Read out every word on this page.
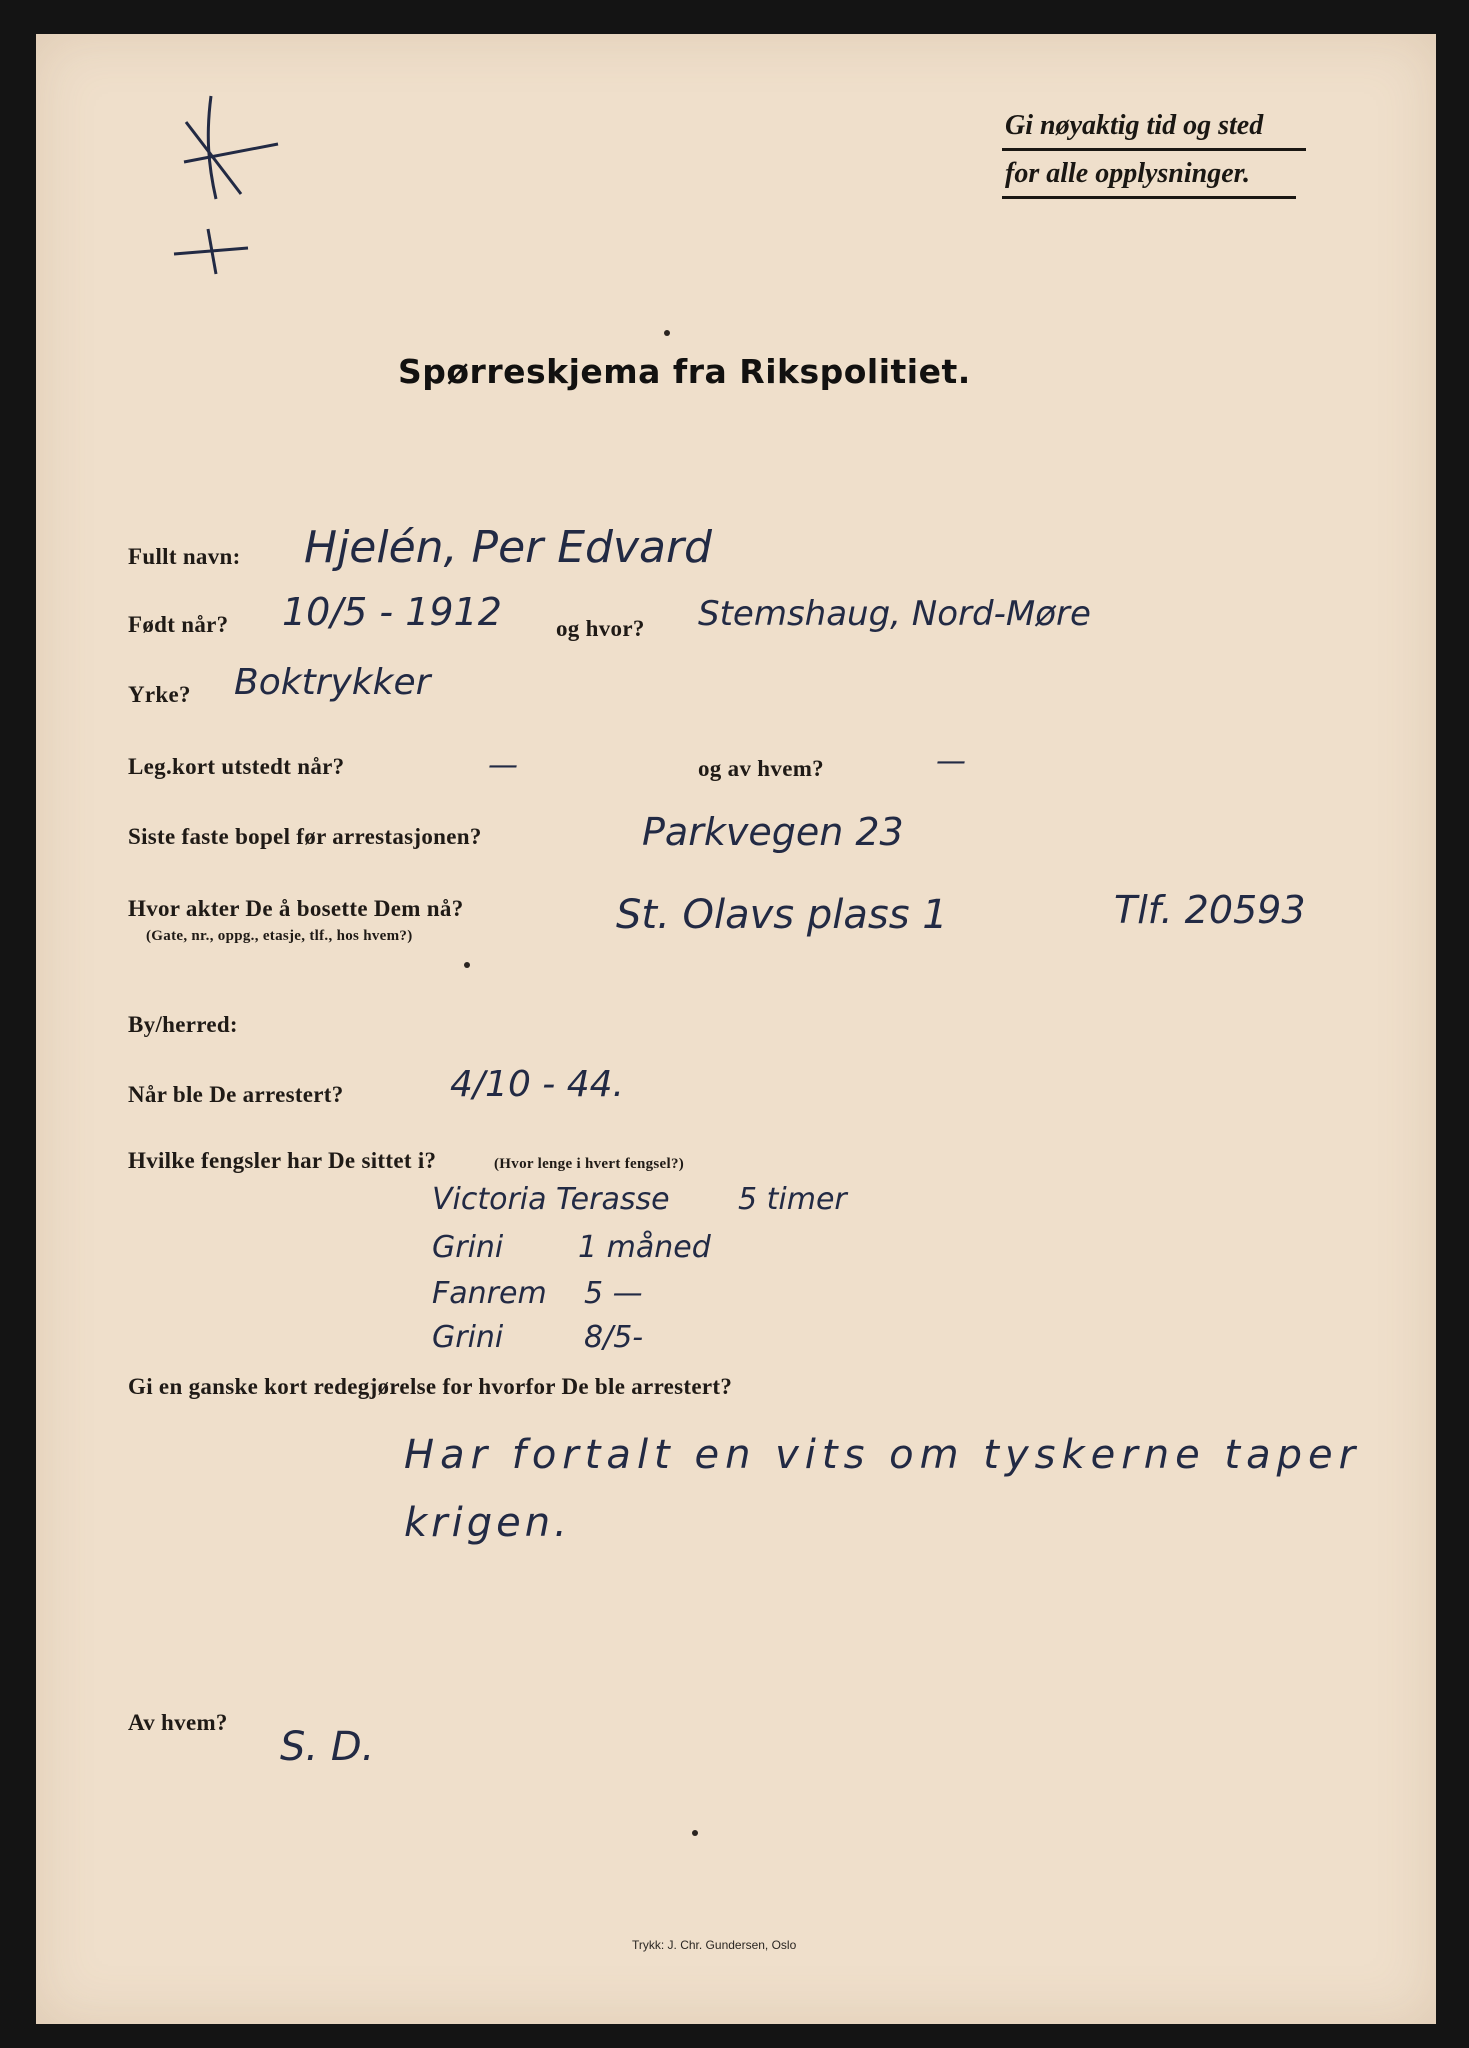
Gi nøyaktig tid og sted
for alle opplysninger.
Spørreskjema fra Rikspolitiet.
Fullt navn: Hjelén, Per Edvard
Født når? 10/5 - 1912 og hvor? Stemshaug, Nord-Møre
Yrke? Boktrykker
Leg.kort utstedt når?	—	og av hvem?	—
Siste faste bopel før arrestasjonen?	Parkvegen 23
Hvor akter De å bosette Dem nå?
(Gate, nr., oppg., etasje, tlf., hos hvem?)	St. Olavs plass 1	Tlf. 20593
By/herred:
Når ble De arrestert?	4/10 - 44.
Hvilke fengsler har De sittet i?	(Hvor lenge i hvert fengsel?)
Victoria Terasse 5 timer
Grini 1 måned
Fanrem 5 —
Grini	8/5-
Gi en ganske kort redegjørelse for hvorfor De ble arrestert?
Har fortalt en vits om tyskerne taper
krigen.
Av hvem?
S. D.
Trykk: J. Chr. Gundersen, Oslo
